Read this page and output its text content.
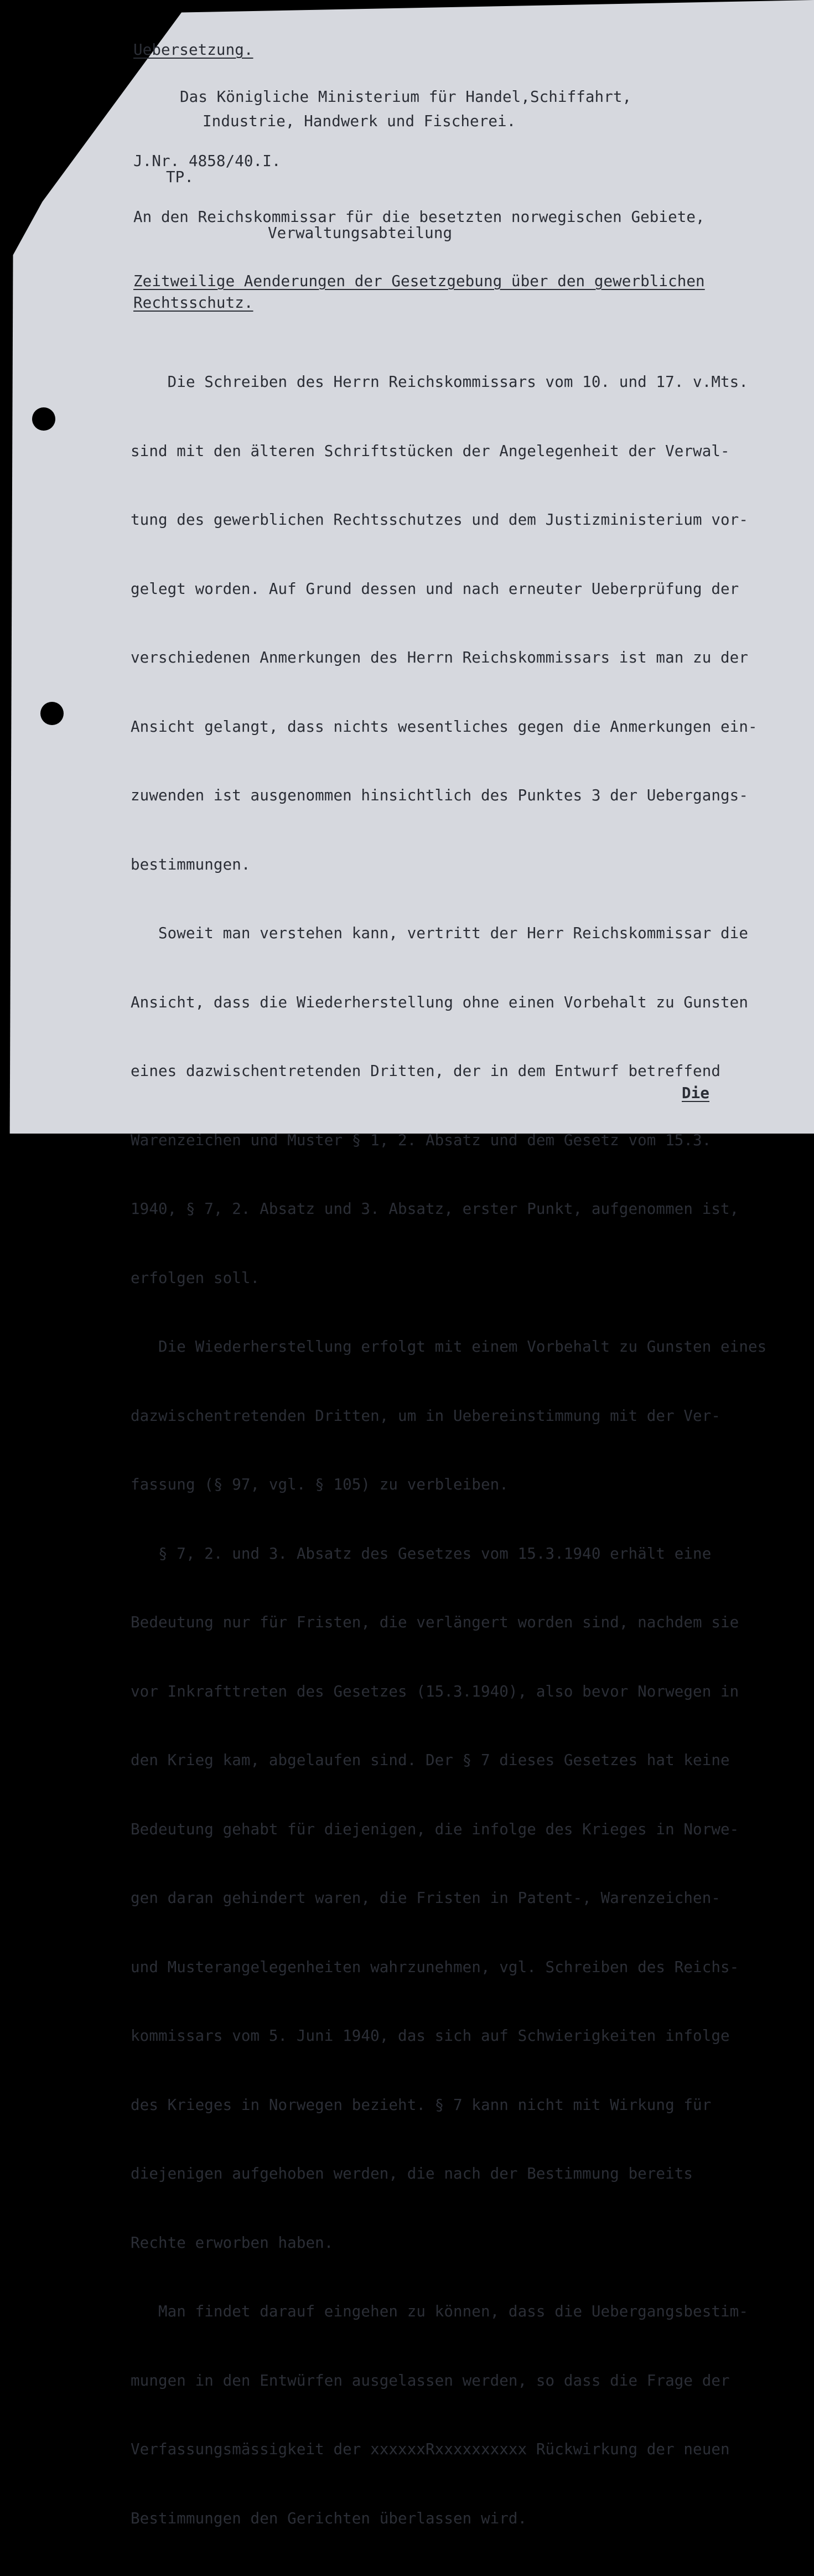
Uebersetzung.
Das Königliche Ministerium für Handel,Schiffahrt,
Industrie, Handwerk und Fischerei.
J.Nr. 4858/40.I.
TP.
An den Reichskommissar für die besetzten norwegischen Gebiete,
Verwaltungsabteilung
Zeitweilige Aenderungen der Gesetzgebung über den gewerblichen
Rechtsschutz.

Die Schreiben des Herrn Reichskommissars vom 10. und 17. v.Mts.

sind mit den älteren Schriftstücken der Angelegenheit der Verwal-

tung des gewerblichen Rechtsschutzes und dem Justizministerium vor-

gelegt worden. Auf Grund dessen und nach erneuter Ueberprüfung der

verschiedenen Anmerkungen des Herrn Reichskommissars ist man zu der

Ansicht gelangt, dass nichts wesentliches gegen die Anmerkungen ein-

zuwenden ist ausgenommen hinsichtlich des Punktes 3 der Uebergangs-

bestimmungen.

Soweit man verstehen kann, vertritt der Herr Reichskommissar die

Ansicht, dass die Wiederherstellung ohne einen Vorbehalt zu Gunsten

eines dazwischentretenden Dritten, der in dem Entwurf betreffend

Warenzeichen und Muster § 1, 2. Absatz und dem Gesetz vom 15.3.

1940, § 7, 2. Absatz und 3. Absatz, erster Punkt, aufgenommen ist,

erfolgen soll.

Die Wiederherstellung erfolgt mit einem Vorbehalt zu Gunsten eines

dazwischentretenden Dritten, um in Uebereinstimmung mit der Ver-

fassung (§ 97, vgl. § 105) zu verbleiben.

§ 7, 2. und 3. Absatz des Gesetzes vom 15.3.1940 erhält eine

Bedeutung nur für Fristen, die verlängert worden sind, nachdem sie

vor Inkrafttreten des Gesetzes (15.3.1940), also bevor Norwegen in

den Krieg kam, abgelaufen sind. Der § 7 dieses Gesetzes hat keine

Bedeutung gehabt für diejenigen, die infolge des Krieges in Norwe-

gen daran gehindert waren, die Fristen in Patent-, Warenzeichen-

und Musterangelegenheiten wahrzunehmen, vgl. Schreiben des Reichs-

kommissars vom 5. Juni 1940, das sich auf Schwierigkeiten infolge

des Krieges in Norwegen bezieht. § 7 kann nicht mit Wirkung für

diejenigen aufgehoben werden, die nach der Bestimmung bereits

Rechte erworben haben.

Man findet darauf eingehen zu können, dass die Uebergangsbestim-

mungen in den Entwürfen ausgelassen werden, so dass die Frage der

Verfassungsmässigkeit der xxxxxxRxxxxxxxxxx Rückwirkung der neuen

Bestimmungen den Gerichten überlassen wird.

Die
